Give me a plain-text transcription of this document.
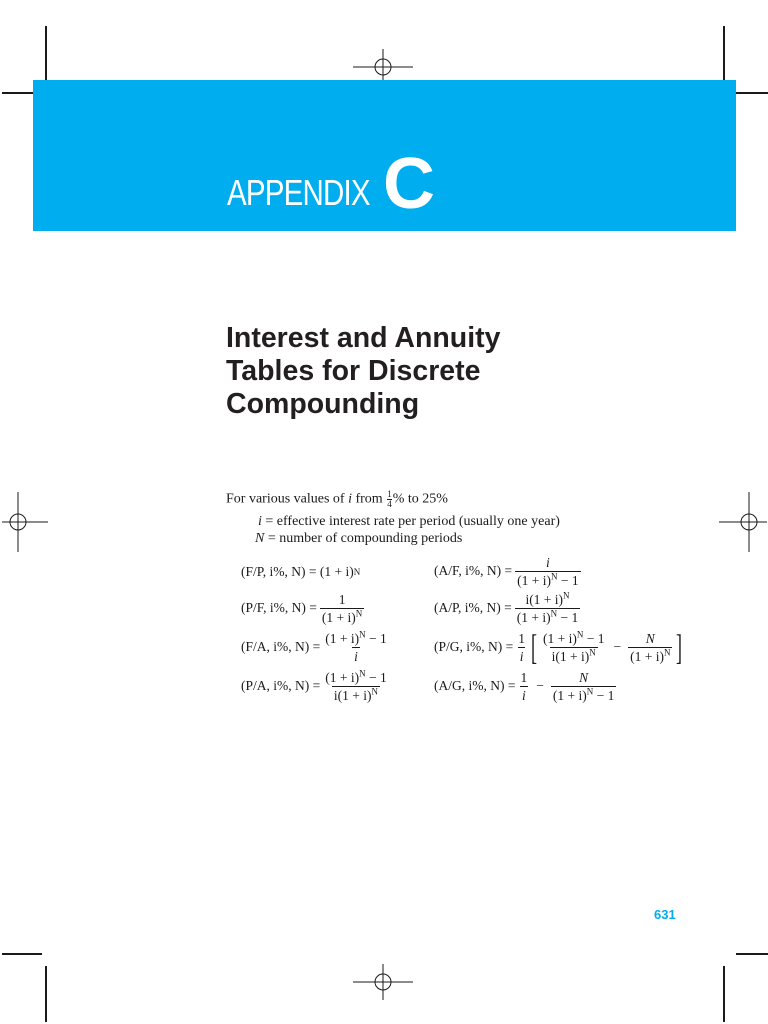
APPENDIX C
Interest and Annuity
Tables for Discrete
Compounding
For various values of i from $\frac{1}{4}$ % to 25%
i = effective interest rate per period (usually one year)
N = number of compounding periods
(F/P, i%, N) =
(1 + i) N
(P/F, i%, $N) = \frac{1}{(1 + i)^N}$
(F/A, i%, $N) = \frac{(1 + i)^N - 1}{i}$
(P/A, i%, $N) = \frac{(1 + i)^N - 1}{i(1 + i)^N}$
(A/F, i%, $N) = \frac{i}{(1 + i)^N - 1}$
(A/P, i%, $N) = \frac{i(1 + i)^N}{(1 + i)^N - 1}$
(P/G, i%, $N) = \frac{1}{i}$ [ $\frac{(1 + i)^N - 1}{i(1 + i)^N} - \frac{N}{(1 + i)^N}$ ]
(A/G, i%, $N) = \frac{1}{i} - \frac{N}{(1 + i)^N - 1}$
631
